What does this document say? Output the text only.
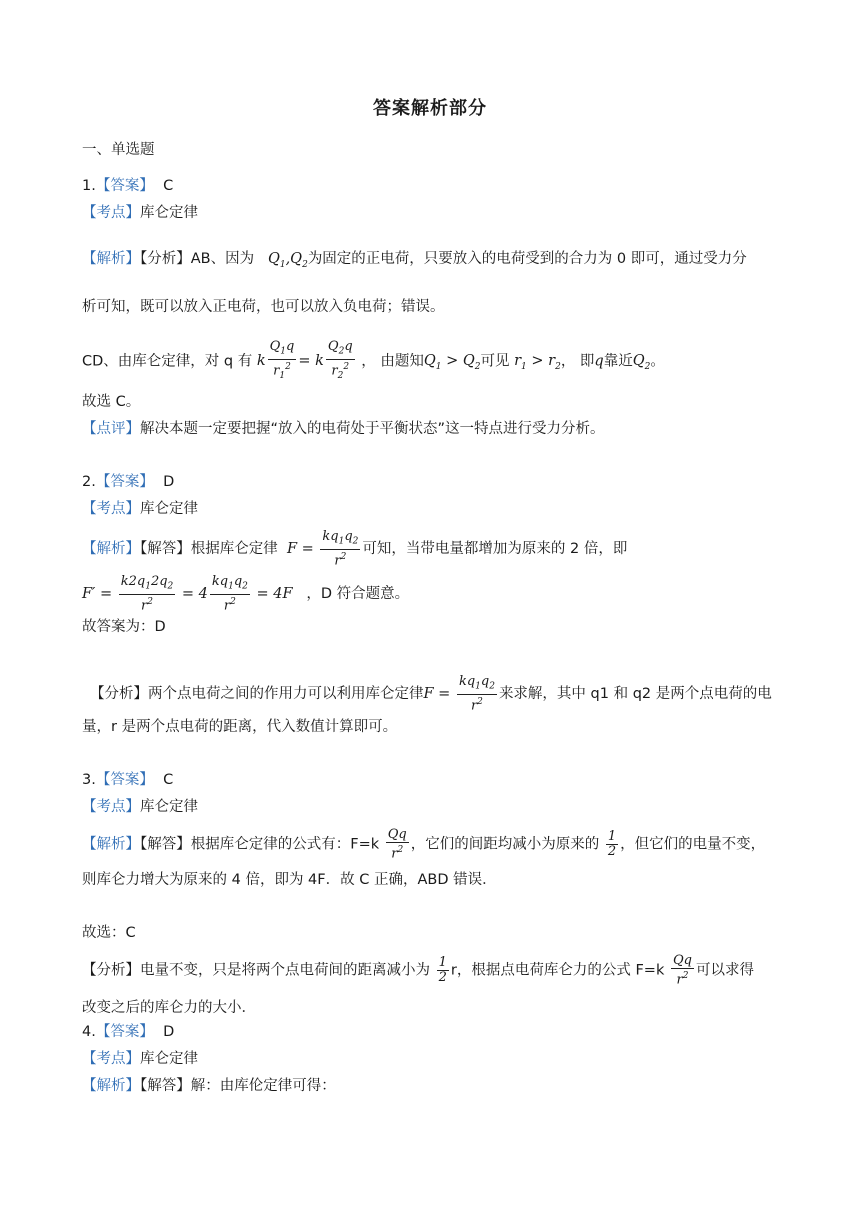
答案解析部分
一、单选题
1.【答案】 C
【考点】库仑定律
【解析】【分析】AB、因为 $Q_1,Q_2$为固定的正电荷，只要放入的电荷受到的合力为 0 即可，通过受力分
析可知，既可以放入正电荷，也可以放入负电荷；错误。
CD、由库仑定律，对 q 有 k $\frac{Q_1q}{r_1^2} = k \frac{Q_2q}{r_2^2}$ ， 由题知$Q_1 > Q_2$可见 $r_1 > r_2$， 即q靠近$Q_2$。
故选 C。
【点评】解决本题一定要把握“放入的电荷处于平衡状态”这一特点进行受力分析。
2.【答案】 D
【考点】库仑定律
【解析】【解答】根据库仑定律 $F = \frac{kq_1q_2}{r^2}$ 可知，当带电量都增加为原来的 2 倍，即
$F' = \frac{k2q_12q_2}{r^2} = 4 \frac{kq_1q_2}{r^2} = 4F$ ，D 符合题意。
故答案为：D
【分析】两个点电荷之间的作用力可以利用库仑定律$F = \frac{kq_1q_2}{r^2}$ 来求解，其中 q1 和 q2 是两个点电荷的电
量，r 是两个点电荷的距离，代入数值计算即可。
3.【答案】 C
【考点】库仑定律
【解析】【解答】根据库仑定律的公式有：$F=k \frac{Qq}{r^2}$ ，它们的间距均减小为原来的 $\frac{1}{2}$ ，但它们的电量不变，
则库仑力增大为原来的 4 倍，即为 4F．故 C 正确，ABD 错误．
故选：C
【分析】电量不变，只是将两个点电荷间的距离减小为 $\frac{1}{2}$ r，根据点电荷库仑力的公式 $F=k \frac{Qq}{r^2}$ 可以求得
改变之后的库仑力的大小．
4.【答案】 D
【考点】库仑定律
【解析】【解答】解：由库伦定律可得：
